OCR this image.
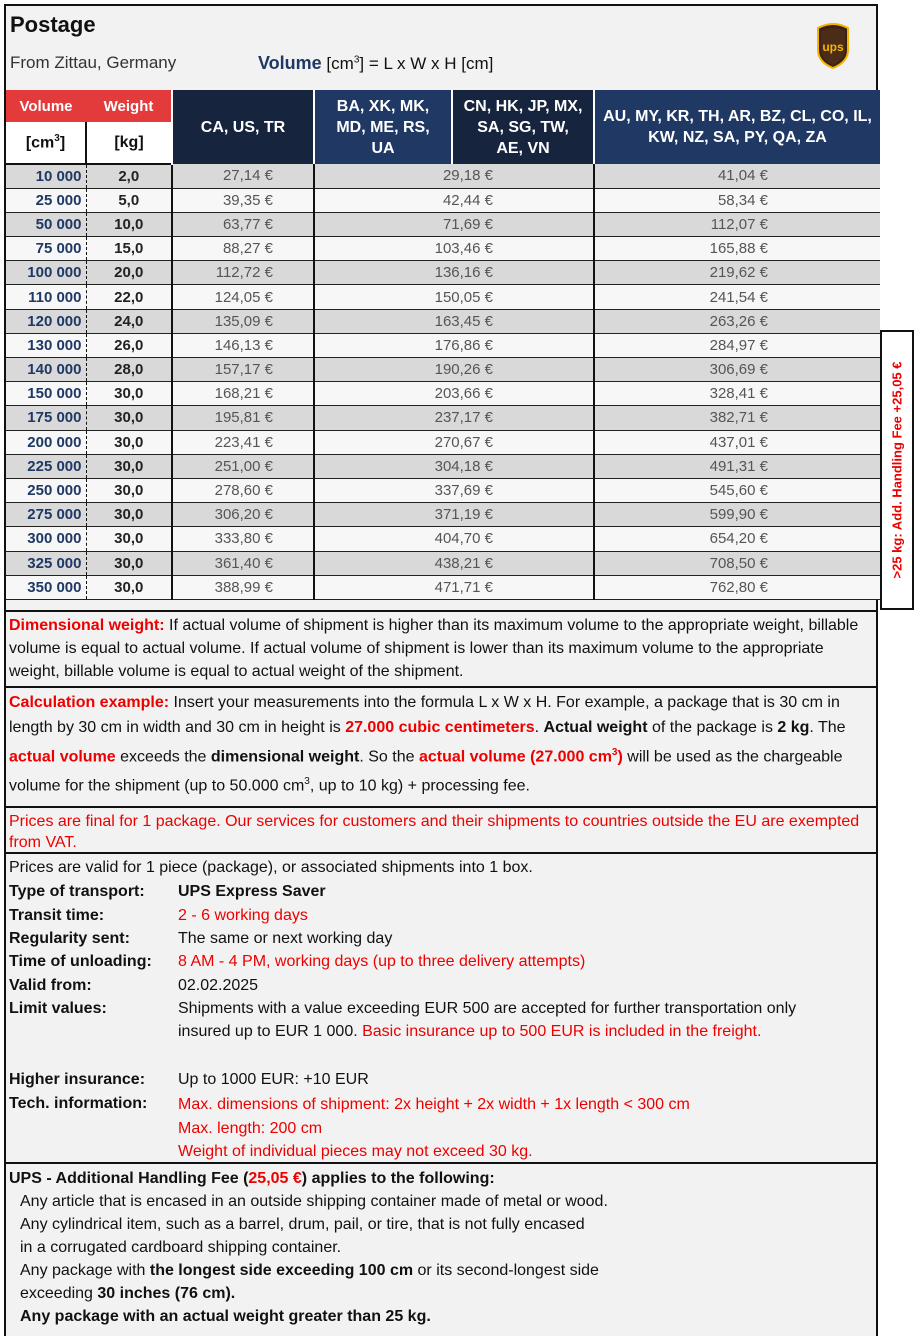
Postage
From Zittau, Germany	Volume $[cm^3] = L$ x W x H [cm]
ups
Volume	Weight	CA, US, TR	BA, XK, MK, MD, ME, RS, UA	CN, HK, JP, MX, SA, SG, TW, AE, VN	AU, MY, KR, TH, AR, BZ, CL, CO, IL, KW, NZ, SA, PY, QA, ZA
$[cm^3]$	[kg]				
10 000	2,0	27,14 €	29,18 €		41,04 €
25 000	5,0	39,35 €	42,44 €		58,34 €
50 000	10,0	63,77 €	71,69 €		112,07 €
75 000	15,0	88,27 €	103,46 €		165,88 €
100 000	20,0	112,72 €	136,16 €		219,62 €
110 000	22,0	124,05 €	150,05 €		241,54 €
120 000	24,0	135,09 €	163,45 €		263,26 €
130 000	26,0	146,13 €	176,86 €		284,97 €
140 000	28,0	157,17 €	190,26 €		306,69 €
150 000	30,0	168,21 €	203,66 €		328,41 €
175 000	30,0	195,81 €	237,17 €		382,71 €
200 000	30,0	223,41 €	270,67 €		437,01 €
225 000	30,0	251,00 €	304,18 €		491,31 €
250 000	30,0	278,60 €	337,69 €		545,60 €
275 000	30,0	306,20 €	371,19 €		599,90 €
300 000	30,0	333,80 €	404,70 €		654,20 €
325 000	30,0	361,40 €	438,21 €		708,50 €
350 000	30,0	388,99 €	471,71 €		762,80 €
Dimensional weight: If actual volume of shipment is higher than its maximum volume to the appropriate weight, billable volume is equal to actual volume. If actual volume of shipment is lower than its maximum volume to the appropriate weight, billable volume is equal to actual weight of the shipment.
Calculation example: Insert your measurements into the formula L x W x H. For example, a package that is 30 cm in length by 30 cm in width and 30 cm in height is 27.000 cubic centimeters. Actual weight of the package is 2 kg. The actual volume exceeds the dimensional weight. So the actual volume (27.000 $cm^3$) will be used as the chargeable volume for the shipment (up to 50.000 $cm^3$, up to 10 kg) + processing fee.
Prices are final for 1 package. Our services for customers and their shipments to countries outside the EU are exempted from VAT.
Prices are valid for 1 piece (package), or associated shipments into 1 box.
Type of transport: UPS Express Saver
Transit time:	2 - 6 working days
Regularity sent:	The same or next working day
Time of unloading: 8 AM - 4 PM, working days (up to three delivery attempts)
Valid from:	02.02.2025
Limit values:	Shipments with a value exceeding EUR 500 are accepted for further transportation only
insured up to EUR 1 000. Basic insurance up to 500 EUR is included in the freight.
Higher insurance: Up to 1000 EUR: +10 EUR
Tech. information: Max. dimensions of shipment: 2x height + 2x width + 1x length < 300 cm
Max. length: 200 cm
Weight of individual pieces may not exceed 30 kg.
UPS - Additional Handling Fee (25,05 €) applies to the following:
Any article that is encased in an outside shipping container made of metal or wood.
Any cylindrical item, such as a barrel, drum, pail, or tire, that is not fully encased
in a corrugated cardboard shipping container.
Any package with the longest side exceeding 100 cm or its second-longest side
exceeding 30 inches (76 cm).
Any package with an actual weight greater than 25 kg.
>25 kg: Add. Handling Fee +25,05 €
